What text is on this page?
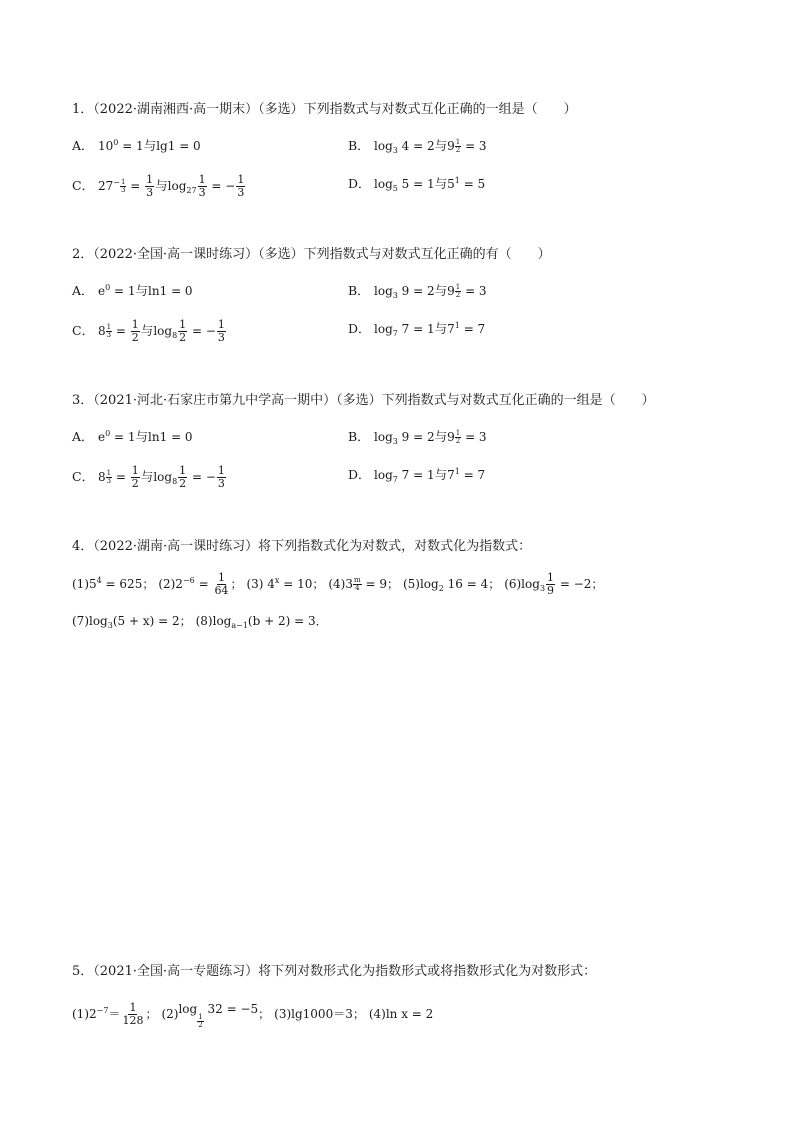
1．（2022·湖南湘西·高一期末）（多选）下列指数式与对数式互化正确的一组是（　　）
A． $10^0 = 1$与lg1 = 0	B． $\log_3 4 = 2$与$9 \frac{1}{2} = 3$
C． $27^- \frac{1}{3} = \frac{1}{3}$ 与$\log_{27} \frac{1}{3}$ = − $\frac{1}{3}$	D． $\log_5 5 = 1$与$5^1 = 5$
2．（2022·全国·高一课时练习）（多选）下列指数式与对数式互化正确的有（　　）
A． $e^0 = 1$与ln1 = 0	B． $\log_3 9 = 2$与$9 \frac{1}{2} = 3$
C． $8 \frac{1}{3} = \frac{1}{2}$ 与$\log_8 \frac{1}{2}$ = − $\frac{1}{3}$	D． $\log_7 7 = 1$与$7^1 = 7$
3．（2021·河北·石家庄市第九中学高一期中）（多选）下列指数式与对数式互化正确的一组是（　　）
A． $e^0 = 1$与ln1 = 0	B． $\log_3 9 = 2$与$9 \frac{1}{2} = 3$
C． $8 \frac{1}{3} = \frac{1}{2}$ 与$\log_8 \frac{1}{2}$ = − $\frac{1}{3}$	D． $\log_7 7 = 1$与$7^1 = 7$
4．（2022·湖南·高一课时练习）将下列指数式化为对数式，对数式化为指数式：
$(1)5^4 = 625$； $(2)2^{-6} = \frac{1}{64}$ ； (3) $4^x = 10$； $(4)3 \frac{m}{4} = 9$； $(5)\log_2$ 16 = 4； $(6)\log_3 \frac{1}{9} = -2$；
$(7)\log_3(5 + x) = 2$； $(8)\log_{a-1}(b + 2) = 3$．
5．（2021·全国·高一专题练习）将下列对数形式化为指数形式或将指数形式化为对数形式：
$(1)2^{-7}= \frac{1}{128}$ ； (2)log
$\frac{1}{2}$
32 = −5； (3)lg1000＝3； (4)ln x = 2
